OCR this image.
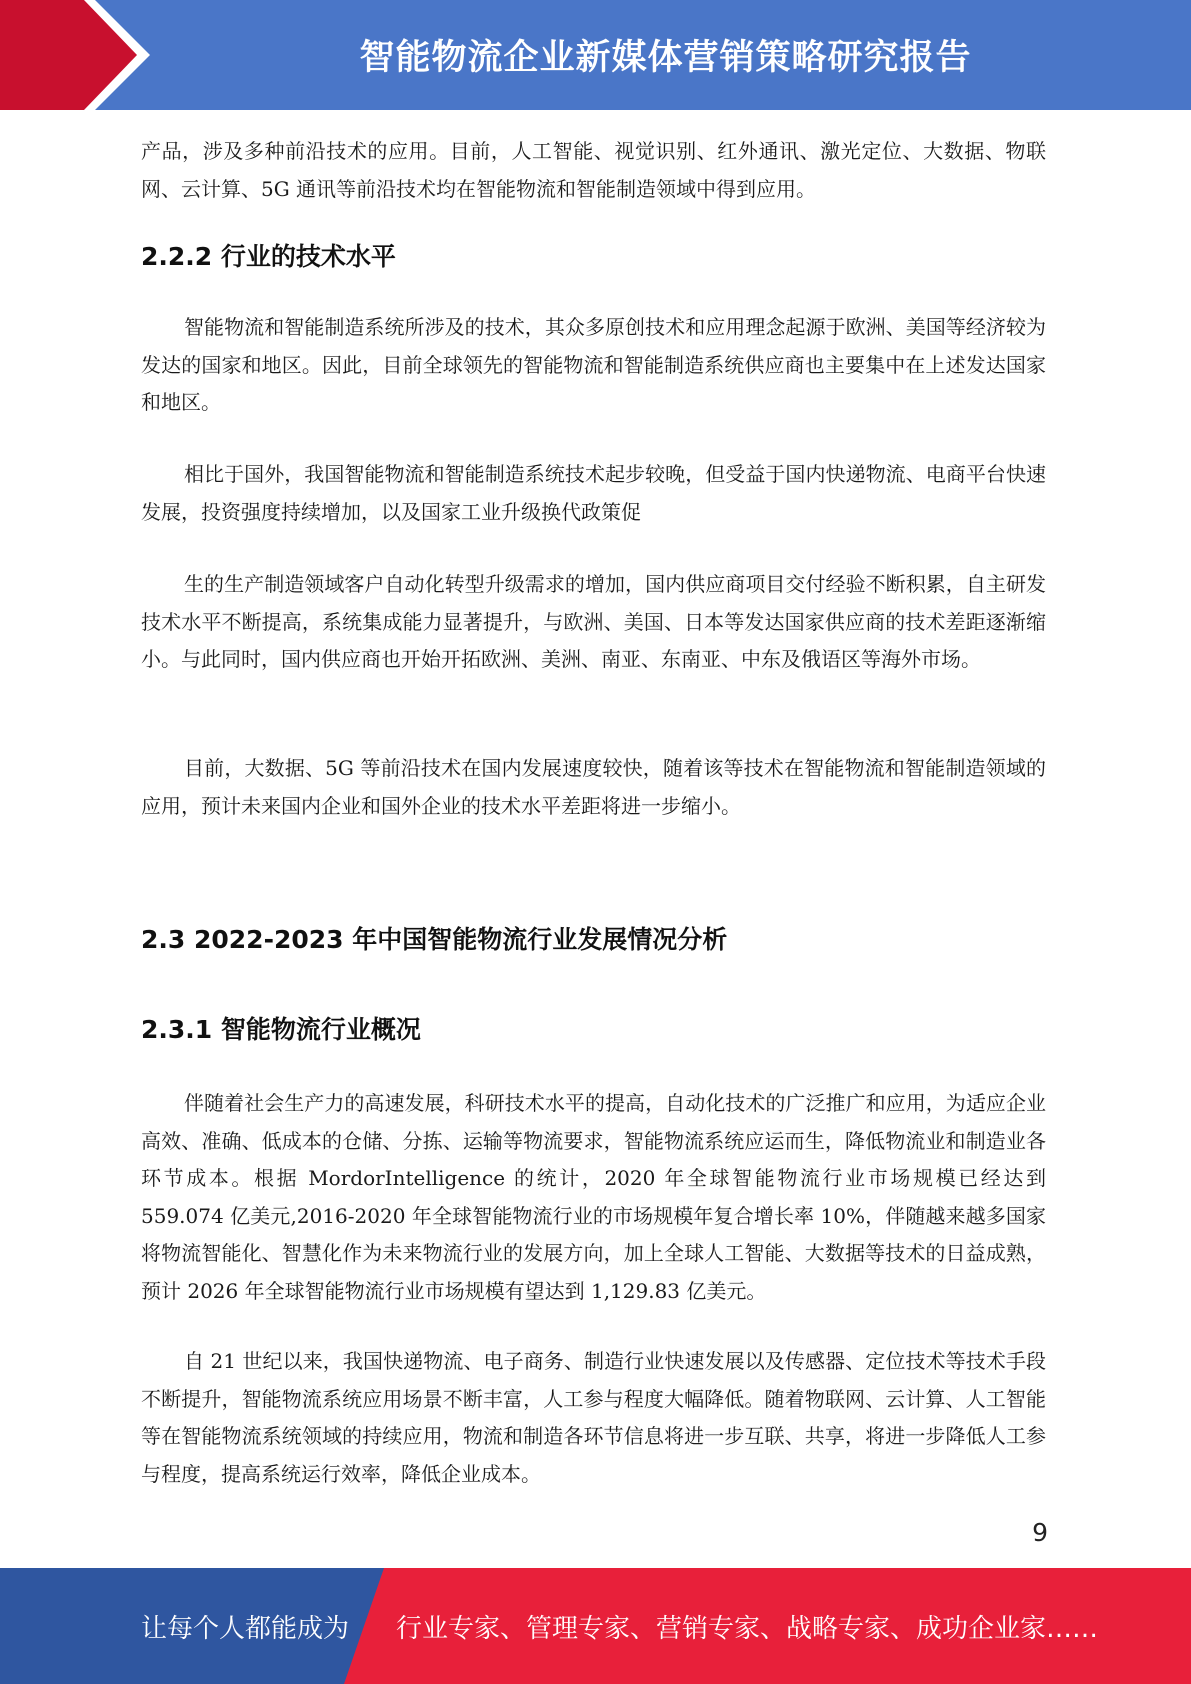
智能物流企业新媒体营销策略研究报告

产品，涉及多种前沿技术的应用。目前，人工智能、视觉识别、红外通讯、激光定位、大数据、物联网、云计算、5G 通讯等前沿技术均在智能物流和智能制造领域中得到应用。

2.2.2 行业的技术水平

智能物流和智能制造系统所涉及的技术，其众多原创技术和应用理念起源于欧洲、美国等经济较为发达的国家和地区。因此，目前全球领先的智能物流和智能制造系统供应商也主要集中在上述发达国家和地区。

相比于国外，我国智能物流和智能制造系统技术起步较晚，但受益于国内快递物流、电商平台快速发展，投资强度持续增加，以及国家工业升级换代政策促

生的生产制造领域客户自动化转型升级需求的增加，国内供应商项目交付经验不断积累，自主研发技术水平不断提高，系统集成能力显著提升，与欧洲、美国、日本等发达国家供应商的技术差距逐渐缩小。与此同时，国内供应商也开始开拓欧洲、美洲、南亚、东南亚、中东及俄语区等海外市场。

目前，大数据、5G 等前沿技术在国内发展速度较快，随着该等技术在智能物流和智能制造领域的应用，预计未来国内企业和国外企业的技术水平差距将进一步缩小。

2.3 2022-2023 年中国智能物流行业发展情况分析
2.3.1 智能物流行业概况

伴随着社会生产力的高速发展，科研技术水平的提高，自动化技术的广泛推广和应用，为适应企业高效、准确、低成本的仓储、分拣、运输等物流要求，智能物流系统应运而生，降低物流业和制造业各环节成本。根据 MordorIntelligence 的统计，2020 年全球智能物流行业市场规模已经达到 559.074 亿美元,2016-2020 年全球智能物流行业的市场规模年复合增长率 10%，伴随越来越多国家将物流智能化、智慧化作为未来物流行业的发展方向，加上全球人工智能、大数据等技术的日益成熟，预计 2026 年全球智能物流行业市场规模有望达到 1,129.83 亿美元。

自 21 世纪以来，我国快递物流、电子商务、制造行业快速发展以及传感器、定位技术等技术手段不断提升，智能物流系统应用场景不断丰富，人工参与程度大幅降低。随着物联网、云计算、人工智能等在智能物流系统领域的持续应用，物流和制造各环节信息将进一步互联、共享，将进一步降低人工参与程度，提高系统运行效率，降低企业成本。

9
让每个人都能成为 行业专家、管理专家、营销专家、战略专家、成功企业家……
